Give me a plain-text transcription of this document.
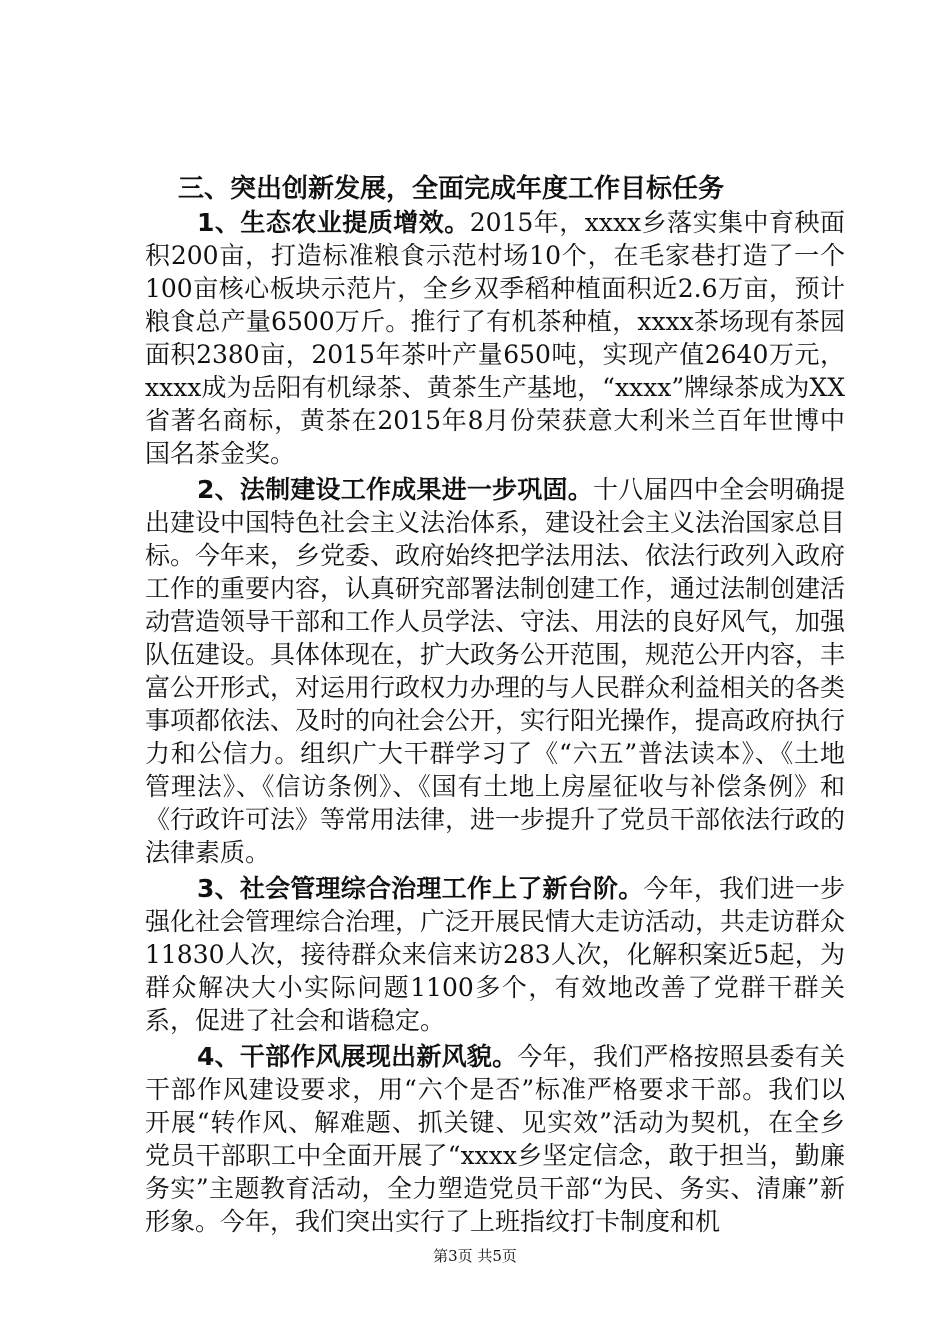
三、突出创新发展，全面完成年度工作目标任务

1、生态农业提质增效。2015年，xxxx乡落实集中育秧面积200亩，打造标准粮食示范村场10个，在毛家巷打造了一个100亩核心板块示范片，全乡双季稻种植面积近2.6万亩，预计粮食总产量6500万斤。推行了有机茶种植，xxxx茶场现有茶园面积2380亩，2015年茶叶产量650吨，实现产值2640万元，xxxx成为岳阳有机绿茶、黄茶生产基地，“xxxx”牌绿茶成为XX省著名商标，黄茶在2015年8月份荣获意大利米兰百年世博中国名茶金奖。

2、法制建设工作成果进一步巩固。十八届四中全会明确提出建设中国特色社会主义法治体系，建设社会主义法治国家总目标。今年来，乡党委、政府始终把学法用法、依法行政列入政府工作的重要内容，认真研究部署法制创建工作，通过法制创建活动营造领导干部和工作人员学法、守法、用法的良好风气，加强队伍建设。具体体现在，扩大政务公开范围，规范公开内容，丰富公开形式，对运用行政权力办理的与人民群众利益相关的各类事项都依法、及时的向社会公开，实行阳光操作，提高政府执行力和公信力。组织广大干群学习了《“六五”普法读本》、《土地管理法》、《信访条例》、《国有土地上房屋征收与补偿条例》和《行政许可法》等常用法律，进一步提升了党员干部依法行政的法律素质。

3、社会管理综合治理工作上了新台阶。今年，我们进一步强化社会管理综合治理，广泛开展民情大走访活动，共走访群众11830人次，接待群众来信来访283人次，化解积案近5起，为群众解决大小实际问题1100多个，有效地改善了党群干群关系，促进了社会和谐稳定。

4、干部作风展现出新风貌。今年，我们严格按照县委有关干部作风建设要求，用“六个是否”标准严格要求干部。我们以开展“转作风、解难题、抓关键、见实效”活动为契机，在全乡党员干部职工中全面开展了“xxxx乡坚定信念，敢于担当，勤廉务实”主题教育活动，全力塑造党员干部“为民、务实、清廉”新形象。今年，我们突出实行了上班指纹打卡制度和机

第3页 共5页
